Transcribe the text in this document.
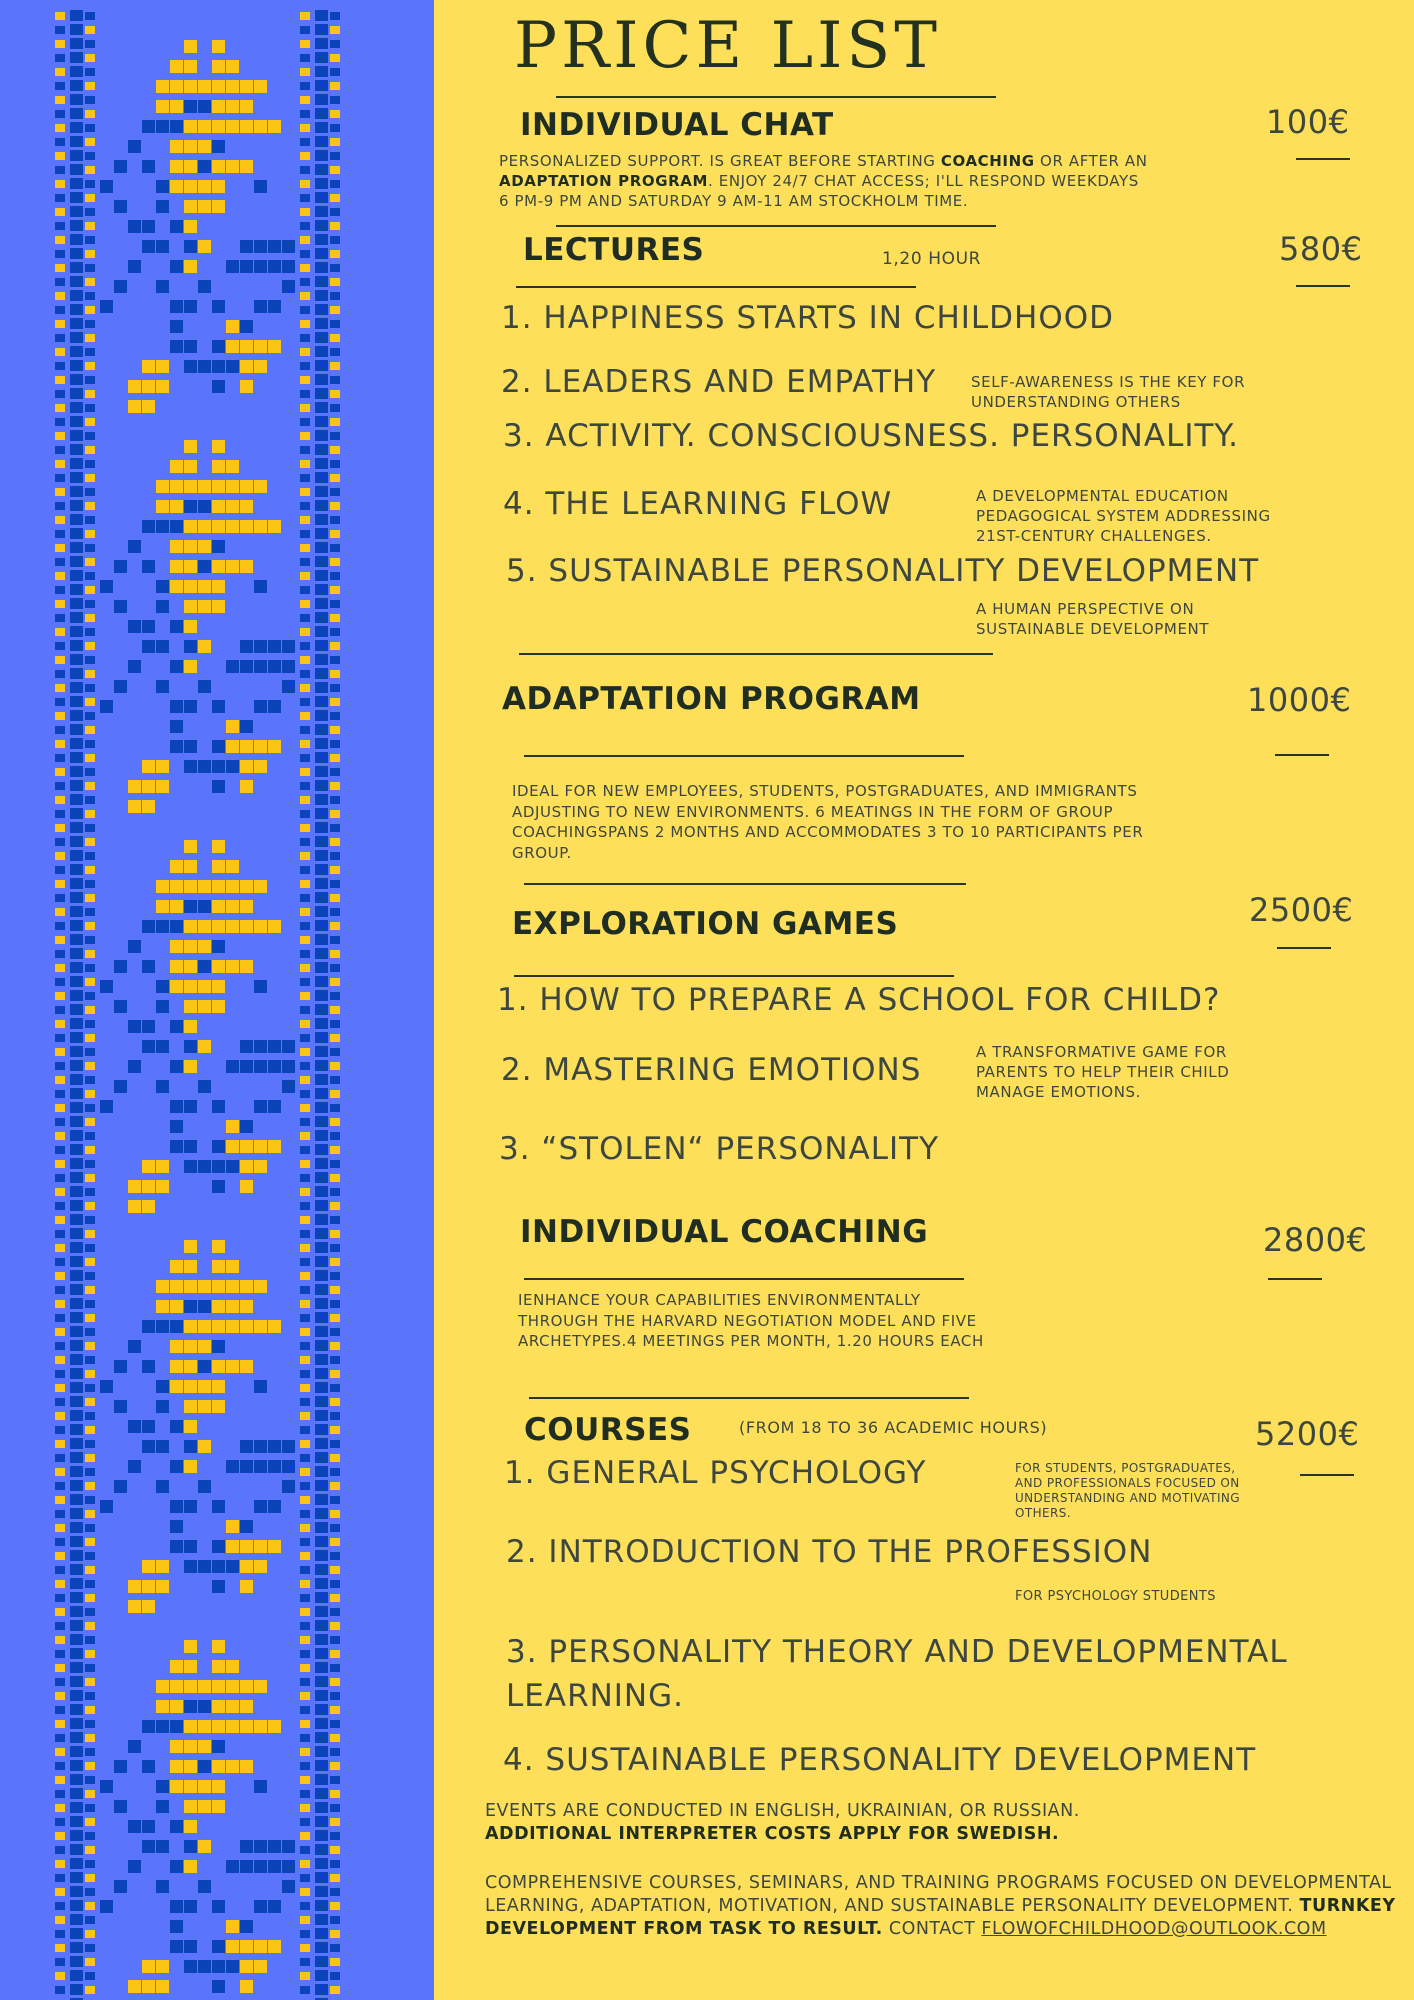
PRICE LIST
INDIVIDUAL CHAT	100€
PERSONALIZED SUPPORT. IS GREAT BEFORE STARTING COACHING OR AFTER AN ADAPTATION PROGRAM. ENJOY 24/7 CHAT ACCESS; I'LL RESPOND WEEKDAYS 6 PM-9 PM AND SATURDAY 9 AM-11 AM STOCKHOLM TIME.
LECTURES	1,20 HOUR	580€
1. HAPPINESS STARTS IN CHILDHOOD
2. LEADERS AND EMPATHY SELF-AWARENESS IS THE KEY FOR UNDERSTANDING OTHERS
3. ACTIVITY. CONSCIOUSNESS. PERSONALITY.
4. THE LEARNING FLOW	A DEVELOPMENTAL EDUCATION PEDAGOGICAL SYSTEM ADDRESSING 21ST-CENTURY CHALLENGES.
5. SUSTAINABLE PERSONALITY DEVELOPMENT
A HUMAN PERSPECTIVE ON SUSTAINABLE DEVELOPMENT
ADAPTATION PROGRAM	1000€
IDEAL FOR NEW EMPLOYEES, STUDENTS, POSTGRADUATES, AND IMMIGRANTS ADJUSTING TO NEW ENVIRONMENTS. 6 MEATINGS IN THE FORM OF GROUP COACHINGSPANS 2 MONTHS AND ACCOMMODATES 3 TO 10 PARTICIPANTS PER GROUP.
EXPLORATION GAMES	2500€
1. HOW TO PREPARE A SCHOOL FOR CHILD?
2. MASTERING EMOTIONS	A TRANSFORMATIVE GAME FOR PARENTS TO HELP THEIR CHILD MANAGE EMOTIONS.
3. “STOLEN“ PERSONALITY
INDIVIDUAL COACHING	2800€
IENHANCE YOUR CAPABILITIES ENVIRONMENTALLY THROUGH THE HARVARD NEGOTIATION MODEL AND FIVE ARCHETYPES.4 MEETINGS PER MONTH, 1.20 HOURS EACH
COURSES	(FROM 18 TO 36 ACADEMIC HOURS)	5200€
1. GENERAL PSYCHOLOGY	FOR STUDENTS, POSTGRADUATES, AND PROFESSIONALS FOCUSED ON UNDERSTANDING AND MOTIVATING OTHERS.
2. INTRODUCTION TO THE PROFESSION
FOR PSYCHOLOGY STUDENTS
3. PERSONALITY THEORY AND DEVELOPMENTAL LEARNING.
4. SUSTAINABLE PERSONALITY DEVELOPMENT
EVENTS ARE CONDUCTED IN ENGLISH, UKRAINIAN, OR RUSSIAN.
ADDITIONAL INTERPRETER COSTS APPLY FOR SWEDISH.
COMPREHENSIVE COURSES, SEMINARS, AND TRAINING PROGRAMS FOCUSED ON DEVELOPMENTAL LEARNING, ADAPTATION, MOTIVATION, AND SUSTAINABLE PERSONALITY DEVELOPMENT. TURNKEY DEVELOPMENT FROM TASK TO RESULT. CONTACT FLOWOFCHILDHOOD@OUTLOOK.COM
